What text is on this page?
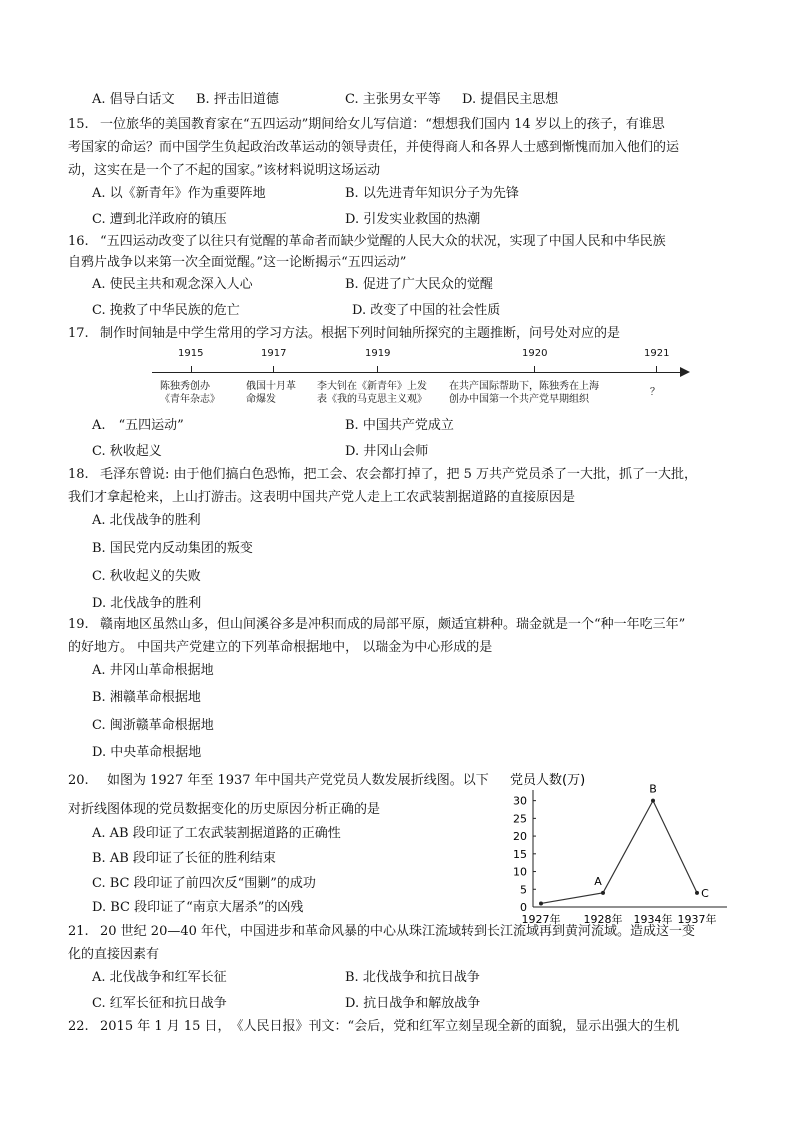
A. 倡导白话文 B. 抨击旧道德	C. 主张男女平等 D. 提倡民主思想
15. 一位旅华的美国教育家在“五四运动”期间给女儿写信道：“想想我们国内 14 岁以上的孩子，有谁思
考国家的命运？而中国学生负起政治改革运动的领导责任，并使得商人和各界人士感到惭愧而加入他们的运
动，这实在是一个了不起的国家。”该材料说明这场运动
A. 以《新青年》作为重要阵地	B. 以先进青年知识分子为先锋
C. 遭到北洋政府的镇压	D. 引发实业救国的热潮
16. “五四运动改变了以往只有觉醒的革命者而缺少觉醒的人民大众的状况，实现了中国人民和中华民族
自鸦片战争以来第一次全面觉醒。”这一论断揭示“五四运动”
A. 使民主共和观念深入人心	B. 促进了广大民众的觉醒
C. 挽救了中华民族的危亡	D. 改变了中国的社会性质
17. 制作时间轴是中学生常用的学习方法。根据下列时间轴所探究的主题推断，问号处对应的是
1915	1917	1919	1920	1921
陈独秀创办
《青年杂志》
俄国十月革
命爆发
李大钊在《新青年》上发
表《我的马克思主义观》
在共产国际帮助下，陈独秀在上海
创办中国第一个共产党早期组织
？
A.　“五四运动”	B. 中国共产党成立
C. 秋收起义	D. 井冈山会师
18. 毛泽东曾说: 由于他们搞白色恐怖，把工会、农会都打掉了，把 5 万共产党员杀了一大批，抓了一大批，
我们才拿起枪来，上山打游击。这表明中国共产党人走上工农武装割据道路的直接原因是
A. 北伐战争的胜利
B. 国民党内反动集团的叛变
C. 秋收起义的失败
D. 北伐战争的胜利
19. 赣南地区虽然山多，但山间溪谷多是冲积而成的局部平原，颇适宜耕种。瑞金就是一个“种一年吃三年”
的好地方。 中国共产党建立的下列革命根据地中， 以瑞金为中心形成的是
A. 井冈山革命根据地
B. 湘赣革命根据地
C. 闽浙赣革命根据地
D. 中央革命根据地
20. 如图为 1927 年至 1937 年中国共产党党员人数发展折线图。以下
对折线图体现的党员数据变化的历史原因分析正确的是
A. AB 段印证了工农武装割据道路的正确性
B. AB 段印证了长征的胜利结束
C. BC 段印证了前四次反“围剿”的成功
D. BC 段印证了“南京大屠杀”的凶残
党员人数(万)
0
5
10
15
20
25
30
1927年 1928年 1934年 1937年
A
B
C
21. 20 世纪 20—40 年代，中国进步和革命风暴的中心从珠江流域转到长江流域再到黄河流域。造成这一变
化的直接因素有
A. 北伐战争和红军长征	B. 北伐战争和抗日战争
C. 红军长征和抗日战争	D. 抗日战争和解放战争
22. 2015 年 1 月 15 日，　《人民日报》刊文：“会后，党和红军立刻呈现全新的面貌，显示出强大的生机
